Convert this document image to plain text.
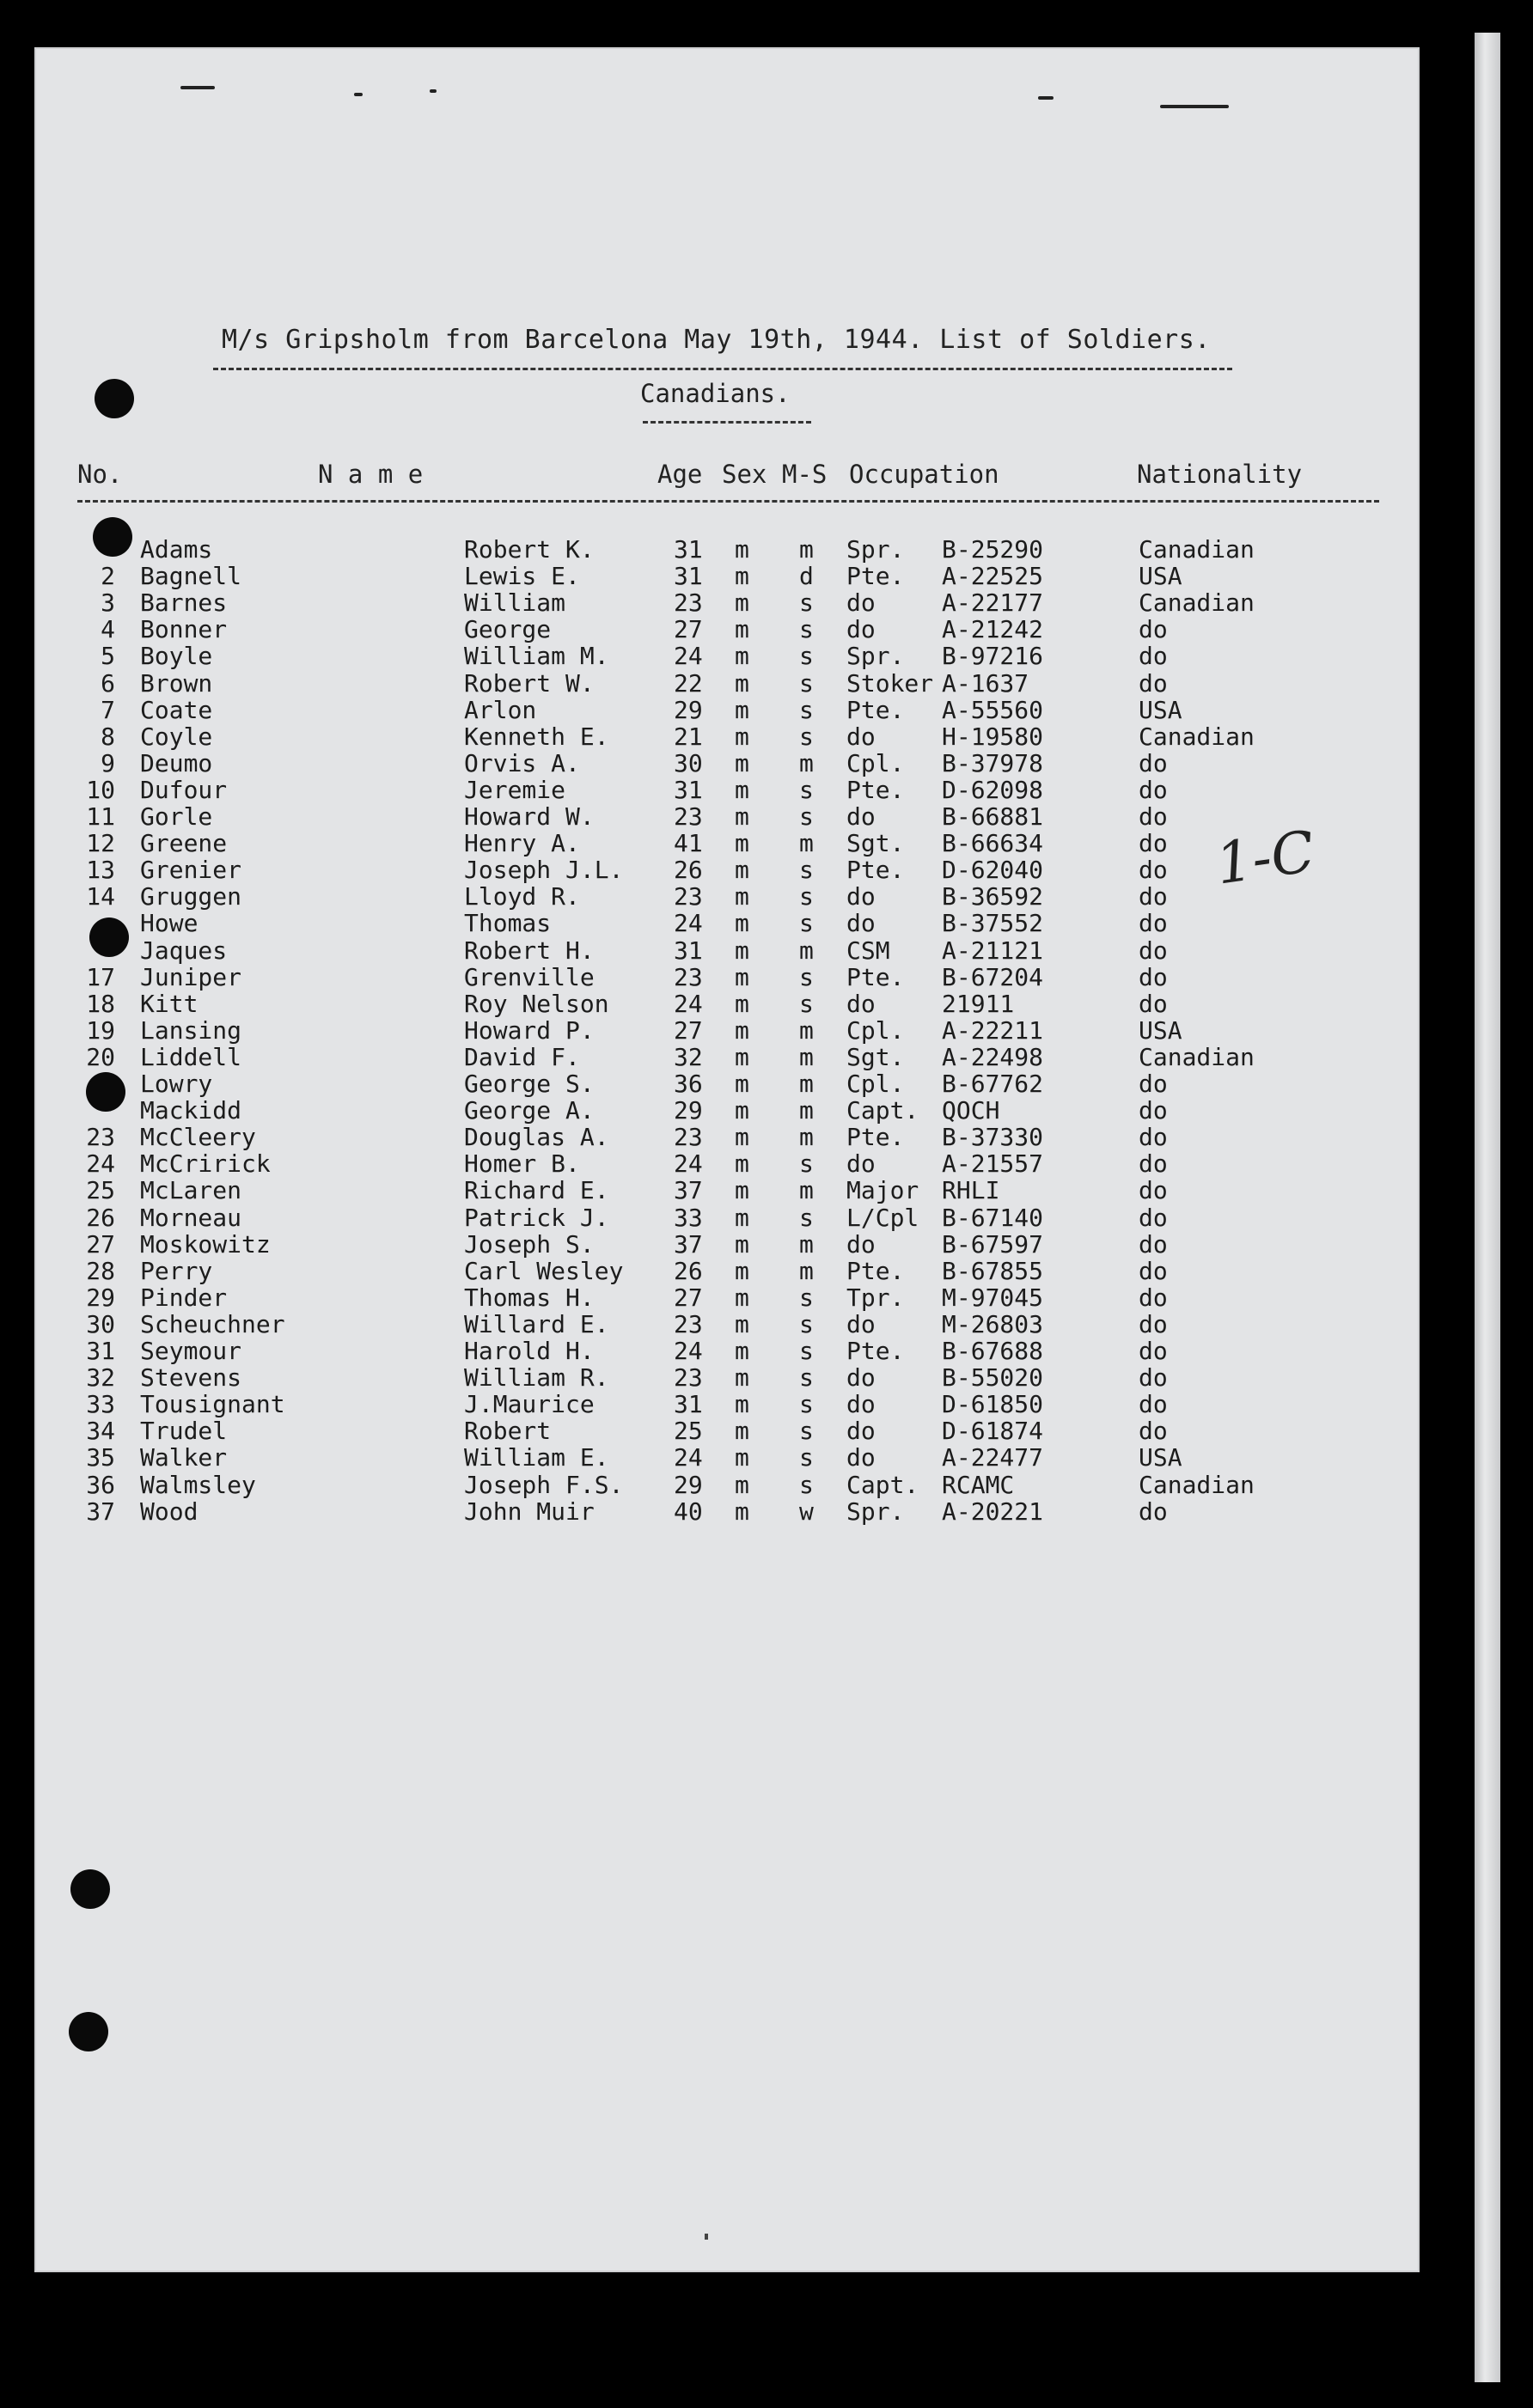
M/s Gripsholm from Barcelona May 19th, 1944. List of Soldiers.
Canadians.
No.	N a m e	Age Sex M-S Occupation	Nationality
Adams	Robert K.	31 m m Spr. B-25290	Canadian
2 Bagnell	Lewis E.	31 m d Pte. A-22525	USA
3 Barnes	William	23 m s do	A-22177	Canadian
4 Bonner	George	27 m s do	A-21242	do
5 Boyle	William M.	24 m s Spr. B-97216	do
6 Brown	Robert W.	22 m s Stoker A-1637	do
7 Coate	Arlon	29 m s Pte. A-55560	USA
8 Coyle	Kenneth E.	21 m s do	H-19580	Canadian
9 Deumo	Orvis A.	30 m m Cpl. B-37978	do
10 Dufour	Jeremie	31 m s Pte. D-62098	do
11 Gorle	Howard W.	23 m s do	B-66881	do
12 Greene	Henry A.	41 m m Sgt. B-66634	do
13 Grenier	Joseph J.L. 26 m s Pte. D-62040	do
14 Gruggen	Lloyd R.	23 m s do	B-36592	do
Howe	Thomas	24 m s do	B-37552	do
Jaques	Robert H.	31 m m CSM A-21121	do
17 Juniper	Grenville	23 m s Pte. B-67204	do
18 Kitt	Roy Nelson	24 m s do	21911	do
19 Lansing	Howard P.	27 m m Cpl. A-22211	USA
20 Liddell	David F.	32 m m Sgt. A-22498	Canadian
Lowry	George S.	36 m m Cpl. B-67762	do
Mackidd	George A.	29 m m Capt. QOCH	do
23 McCleery	Douglas A.	23 m m Pte. B-37330	do
24 McCririck	Homer B.	24 m s do	A-21557	do
25 McLaren	Richard E.	37 m m Major RHLI	do
26 Morneau	Patrick J.	33 m s L/Cpl B-67140	do
27 Moskowitz	Joseph S.	37 m m do	B-67597	do
28 Perry	Carl Wesley 26 m m Pte. B-67855	do
29 Pinder	Thomas H.	27 m s Tpr. M-97045	do
30 Scheuchner	Willard E.	23 m s do	M-26803	do
31 Seymour	Harold H.	24 m s Pte. B-67688	do
32 Stevens	William R.	23 m s do	B-55020	do
33 Tousignant	J.Maurice	31 m s do	D-61850	do
34 Trudel	Robert	25 m s do	D-61874	do
35 Walker	William E.	24 m s do	A-22477	USA
36 Walmsley	Joseph F.S. 29 m s Capt. RCAMC	Canadian
37 Wood	John Muir	40 m w Spr. A-20221	do
1-C
